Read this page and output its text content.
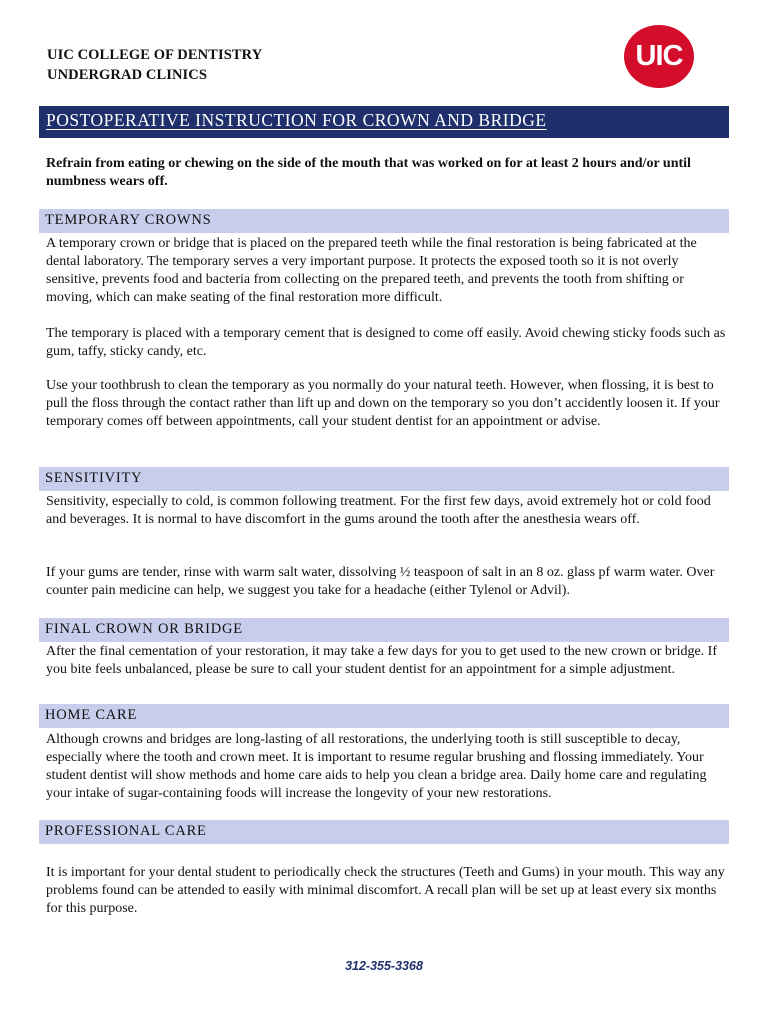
UIC COLLEGE OF DENTISTRY
UNDERGRAD CLINICS
UIC
POSTOPERATIVE INSTRUCTION FOR CROWN AND BRIDGE
Refrain from eating or chewing on the side of the mouth that was worked on for at least 2 hours and/or until numbness wears off.
TEMPORARY CROWNS

A temporary crown or bridge that is placed on the prepared teeth while the final restoration is being fabricated at the dental laboratory. The temporary serves a very important purpose. It protects the exposed tooth so it is not overly sensitive, prevents food and bacteria from collecting on the prepared teeth, and prevents the tooth from shifting or moving, which can make seating of the final restoration more difficult.

The temporary is placed with a temporary cement that is designed to come off easily. Avoid chewing sticky foods such as gum, taffy, sticky candy, etc.

Use your toothbrush to clean the temporary as you normally do your natural teeth. However, when flossing, it is best to pull the floss through the contact rather than lift up and down on the temporary so you don’t accidently loosen it. If your temporary comes off between appointments, call your student dentist for an appointment or advise.

SENSITIVITY

Sensitivity, especially to cold, is common following treatment. For the first few days, avoid extremely hot or cold food and beverages. It is normal to have discomfort in the gums around the tooth after the anesthesia wears off.

If your gums are tender, rinse with warm salt water, dissolving ½ teaspoon of salt in an 8 oz. glass pf warm water. Over counter pain medicine can help, we suggest you take for a headache (either Tylenol or Advil).

FINAL CROWN OR BRIDGE

After the final cementation of your restoration, it may take a few days for you to get used to the new crown or bridge. If you bite feels unbalanced, please be sure to call your student dentist for an appointment for a simple adjustment.

HOME CARE

Although crowns and bridges are long-lasting of all restorations, the underlying tooth is still susceptible to decay, especially where the tooth and crown meet. It is important to resume regular brushing and flossing immediately. Your student dentist will show methods and home care aids to help you clean a bridge area. Daily home care and regulating your intake of sugar-containing foods will increase the longevity of your new restorations.

PROFESSIONAL CARE

It is important for your dental student to periodically check the structures (Teeth and Gums) in your mouth. This way any problems found can be attended to easily with minimal discomfort. A recall plan will be set up at least every six months for this purpose.

312-355-3368
